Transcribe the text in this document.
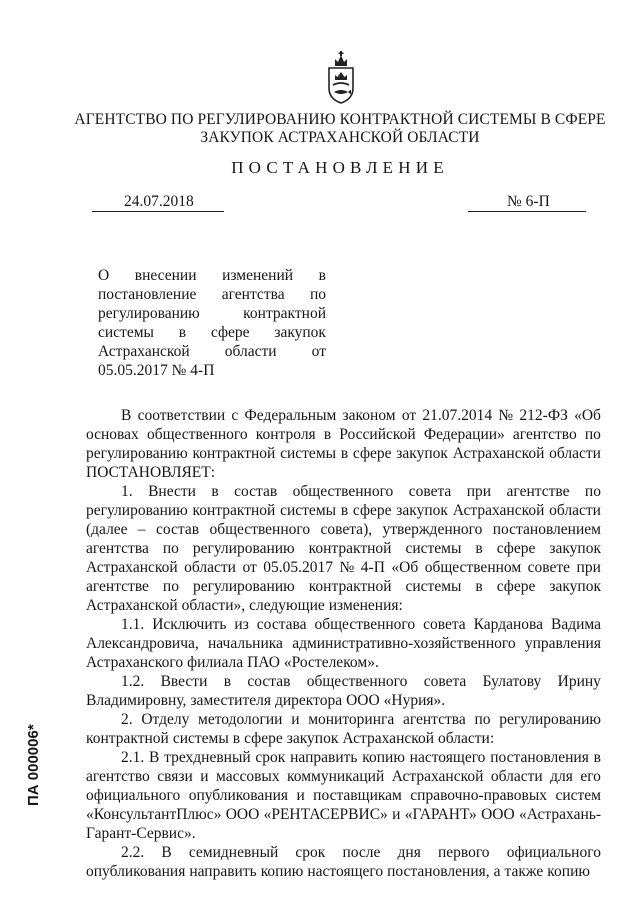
АГЕНТСТВО ПО РЕГУЛИРОВАНИЮ КОНТРАКТНОЙ СИСТЕМЫ В СФЕРЕ
ЗАКУПОК АСТРАХАНСКОЙ ОБЛАСТИ
ПОСТАНОВЛЕНИЕ
24.07.2018	№ 6-П
О внесении изменений в
постановление агентства по
регулированию	контрактной
системы в сфере закупок
Астраханской области от
05.05.2017 № 4-П
В соответствии с Федеральным законом от 21.07.2014 № 212-ФЗ «Об
основах общественного контроля в Российской Федерации» агентство по
регулированию контрактной системы в сфере закупок Астраханской области
ПОСТАНОВЛЯЕТ:
1. Внести в состав общественного совета при агентстве по
регулированию контрактной системы в сфере закупок Астраханской области
(далее – состав общественного совета), утвержденного постановлением
агентства по регулированию контрактной системы в сфере закупок
Астраханской области от 05.05.2017 № 4-П «Об общественном совете при
агентстве по регулированию контрактной системы в сфере закупок
Астраханской области», следующие изменения:
1.1. Исключить из состава общественного совета Карданова Вадима
Александровича, начальника административно-хозяйственного управления
Астраханского филиала ПАО «Ростелеком».
1.2. Ввести в состав общественного совета Булатову Ирину
Владимировну, заместителя директора ООО «Нурия».
2. Отделу методологии и мониторинга агентства по регулированию
контрактной системы в сфере закупок Астраханской области:
2.1. В трехдневный срок направить копию настоящего постановления в
агентство связи и массовых коммуникаций Астраханской области для его
официального опубликования и поставщикам справочно-правовых систем
«КонсультантПлюс» ООО «РЕНТАСЕРВИС» и «ГАРАНТ» ООО «Астрахань-
Гарант-Сервис».
2.2. В семидневный срок после дня первого официального
опубликования направить копию настоящего постановления, а также копию
ПА 000006*
